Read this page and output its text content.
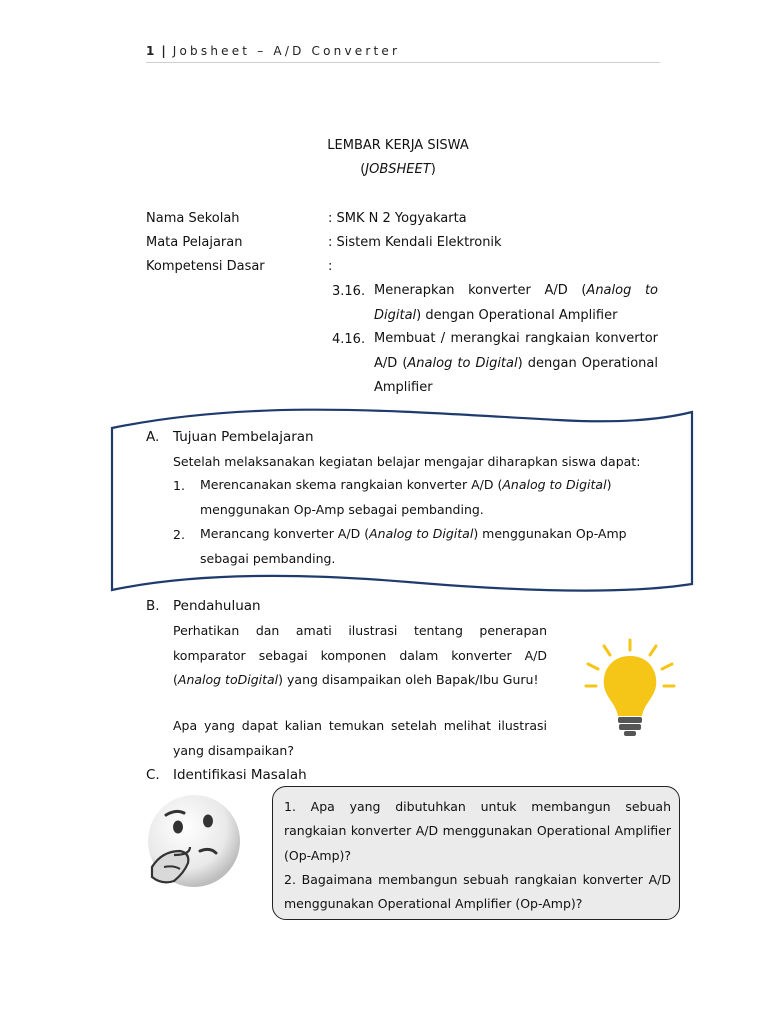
1 | Jobsheet – A/D Converter
LEMBAR KERJA SISWA
(JOBSHEET)
Nama Sekolah	: SMK N 2 Yogyakarta
Mata Pelajaran	: Sistem Kendali Elektronik
Kompetensi Dasar	:
3.16. Menerapkan konverter A/D (Analog to Digital) dengan Operational Amplifier
4.16. Membuat / merangkai rangkaian konvertor A/D (Analog to Digital) dengan Operational Amplifier
A. Tujuan Pembelajaran
Setelah melaksanakan kegiatan belajar mengajar diharapkan siswa dapat:
1. Merencanakan skema rangkaian konverter A/D (Analog to Digital) menggunakan Op-Amp sebagai pembanding.
2. Merancang konverter A/D (Analog to Digital) menggunakan Op-Amp sebagai pembanding.
B. Pendahuluan
Perhatikan dan amati ilustrasi tentang penerapan komparator sebagai komponen dalam konverter A/D (Analog toDigital) yang disampaikan oleh Bapak/Ibu Guru!
Apa yang dapat kalian temukan setelah melihat ilustrasi yang disampaikan?
C. Identifikasi Masalah
1. Apa yang dibutuhkan untuk membangun sebuah rangkaian konverter A/D menggunakan Operational Amplifier (Op-Amp)?
2. Bagaimana membangun sebuah rangkaian konverter A/D menggunakan Operational Amplifier (Op-Amp)?
